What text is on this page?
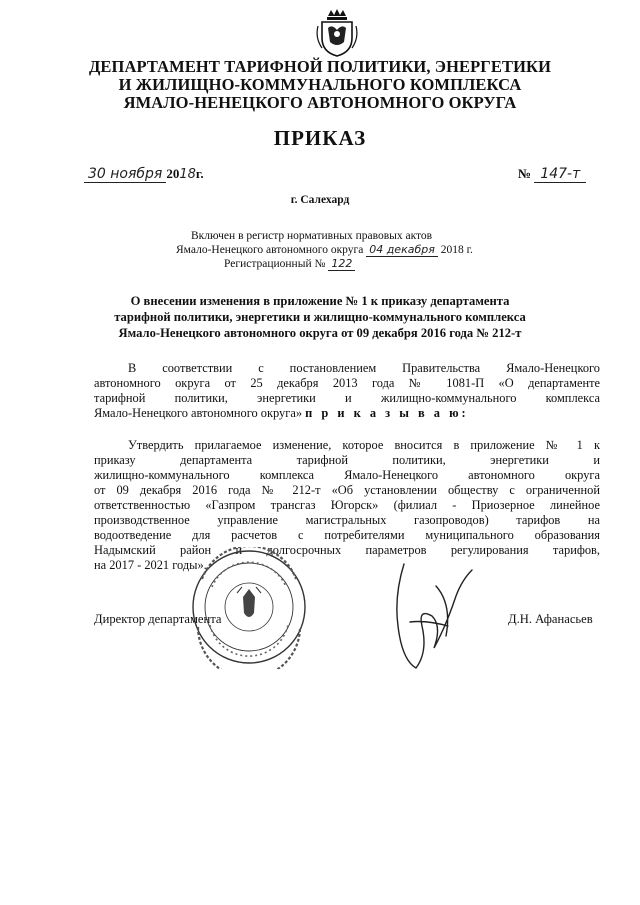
ДЕПАРТАМЕНТ ТАРИФНОЙ ПОЛИТИКИ, ЭНЕРГЕТИКИ
И ЖИЛИЩНО-КОММУНАЛЬНОГО КОМПЛЕКСА
ЯМАЛО-НЕНЕЦКОГО АВТОНОМНОГО ОКРУГА
ПРИКАЗ
30 ноября 2018г.	№ 147-т
г. Салехард
Включен в регистр нормативных правовых актов
Ямало-Ненецкого автономного округа 04 декабря 2018 г.
Регистрационный № 122
О внесении изменения в приложение № 1 к приказу департамента
тарифной политики, энергетики и жилищно-коммунального комплекса
Ямало-Ненецкого автономного округа от 09 декабря 2016 года № 212-т
В соответствии с постановлением Правительства Ямало-Ненецкого
автономного округа от 25 декабря 2013 года № 1081-П «О департаменте
тарифной политики, энергетики и жилищно-коммунального комплекса
Ямало-Ненецкого автономного округа» п р и к а з ы в а ю:
Утвердить прилагаемое изменение, которое вносится в приложение № 1 к
приказу департамента тарифной политики, энергетики и
жилищно-коммунального комплекса Ямало-Ненецкого автономного округа
от 09 декабря 2016 года № 212-т «Об установлении обществу с ограниченной
ответственностью «Газпром трансгаз Югорск» (филиал - Приозерное линейное
производственное управление магистральных газопроводов) тарифов на
водоотведение для расчетов с потребителями муниципального образования
Надымский район и долгосрочных параметров регулирования тарифов,
на 2017 - 2021 годы».
Директор департамента	Д.Н. Афанасьев
